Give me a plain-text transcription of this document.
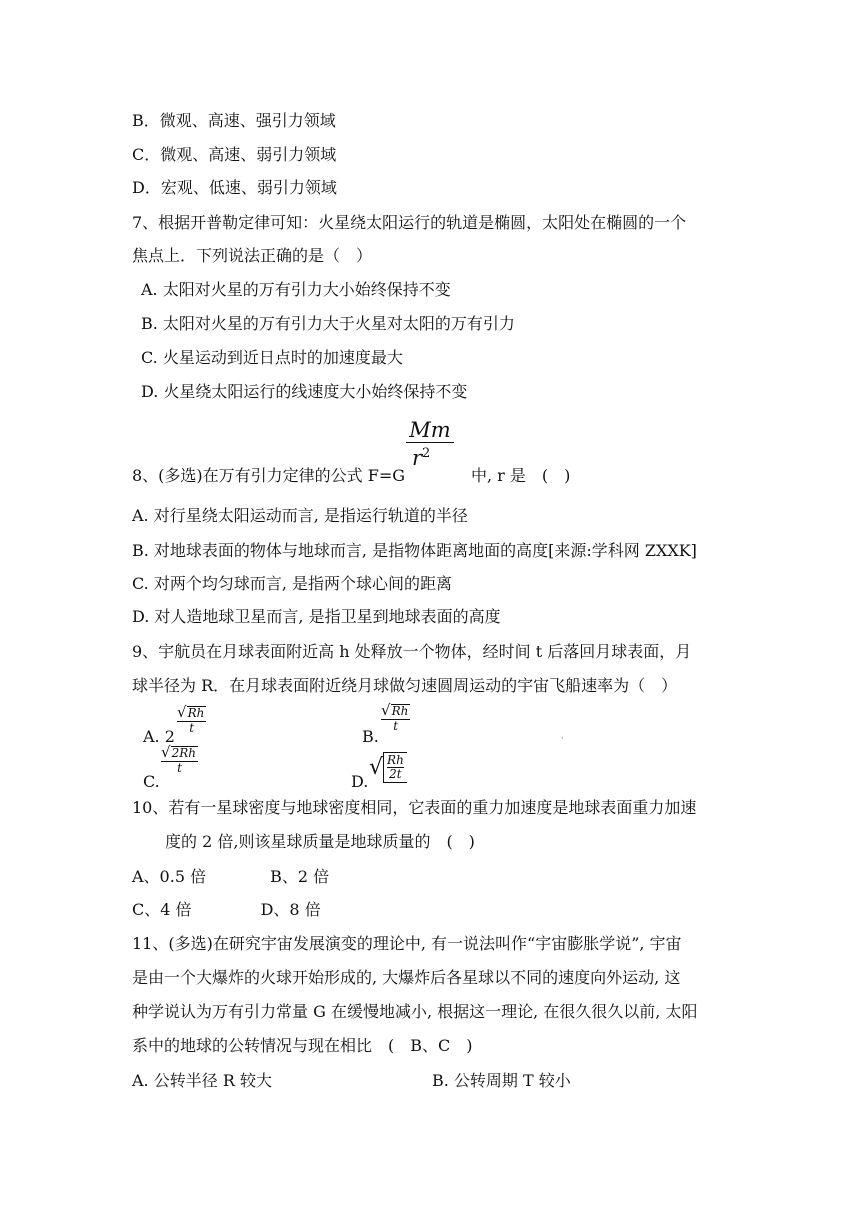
B．微观、高速、强引力领域
C．微观、高速、弱引力领域
D．宏观、低速、弱引力领域
7、根据开普勒定律可知：火星绕太阳运行的轨道是椭圆，太阳处在椭圆的一个
焦点上．下列说法正确的是（　）
A. 太阳对火星的万有引力大小始终保持不变
B. 太阳对火星的万有引力大于火星对太阳的万有引力
C. 火星运动到近日点时的加速度最大
D. 火星绕太阳运行的线速度大小始终保持不变
Mm
$r^2$
8、(多选)在万有引力定律的公式 F=G	中, r 是　(　)
A. 对行星绕太阳运动而言, 是指运行轨道的半径
B. 对地球表面的物体与地球而言, 是指物体距离地面的高度[来源:学科网 ZXXK]
C. 对两个均匀球而言, 是指两个球心间的距离
D. 对人造地球卫星而言, 是指卫星到地球表面的高度
9、宇航员在月球表面附近高 h 处释放一个物体，经时间 t 后落回月球表面，月
球半径为 R．在月球表面附近绕月球做匀速圆周运动的宇宙飞船速率为（　）
A. 2
√Rh
t	B.
√Rh
t
·
C.
√2Rh
t
D.
$√\frac{Rh}{2t}$
10、若有一星球密度与地球密度相同，它表面的重力加速度是地球表面重力加速
度的 2 倍,则该星球质量是地球质量的　(　)
A、0.5 倍　　　　B、2 倍
C、4 倍　　　　 D、8 倍
11、(多选)在研究宇宙发展演变的理论中, 有一说法叫作“宇宙膨胀学说”, 宇宙
是由一个大爆炸的火球开始形成的, 大爆炸后各星球以不同的速度向外运动, 这
种学说认为万有引力常量 G 在缓慢地减小, 根据这一理论, 在很久很久以前, 太阳
系中的地球的公转情况与现在相比　(　B、C　)
A. 公转半径 R 较大	B. 公转周期 T 较小
